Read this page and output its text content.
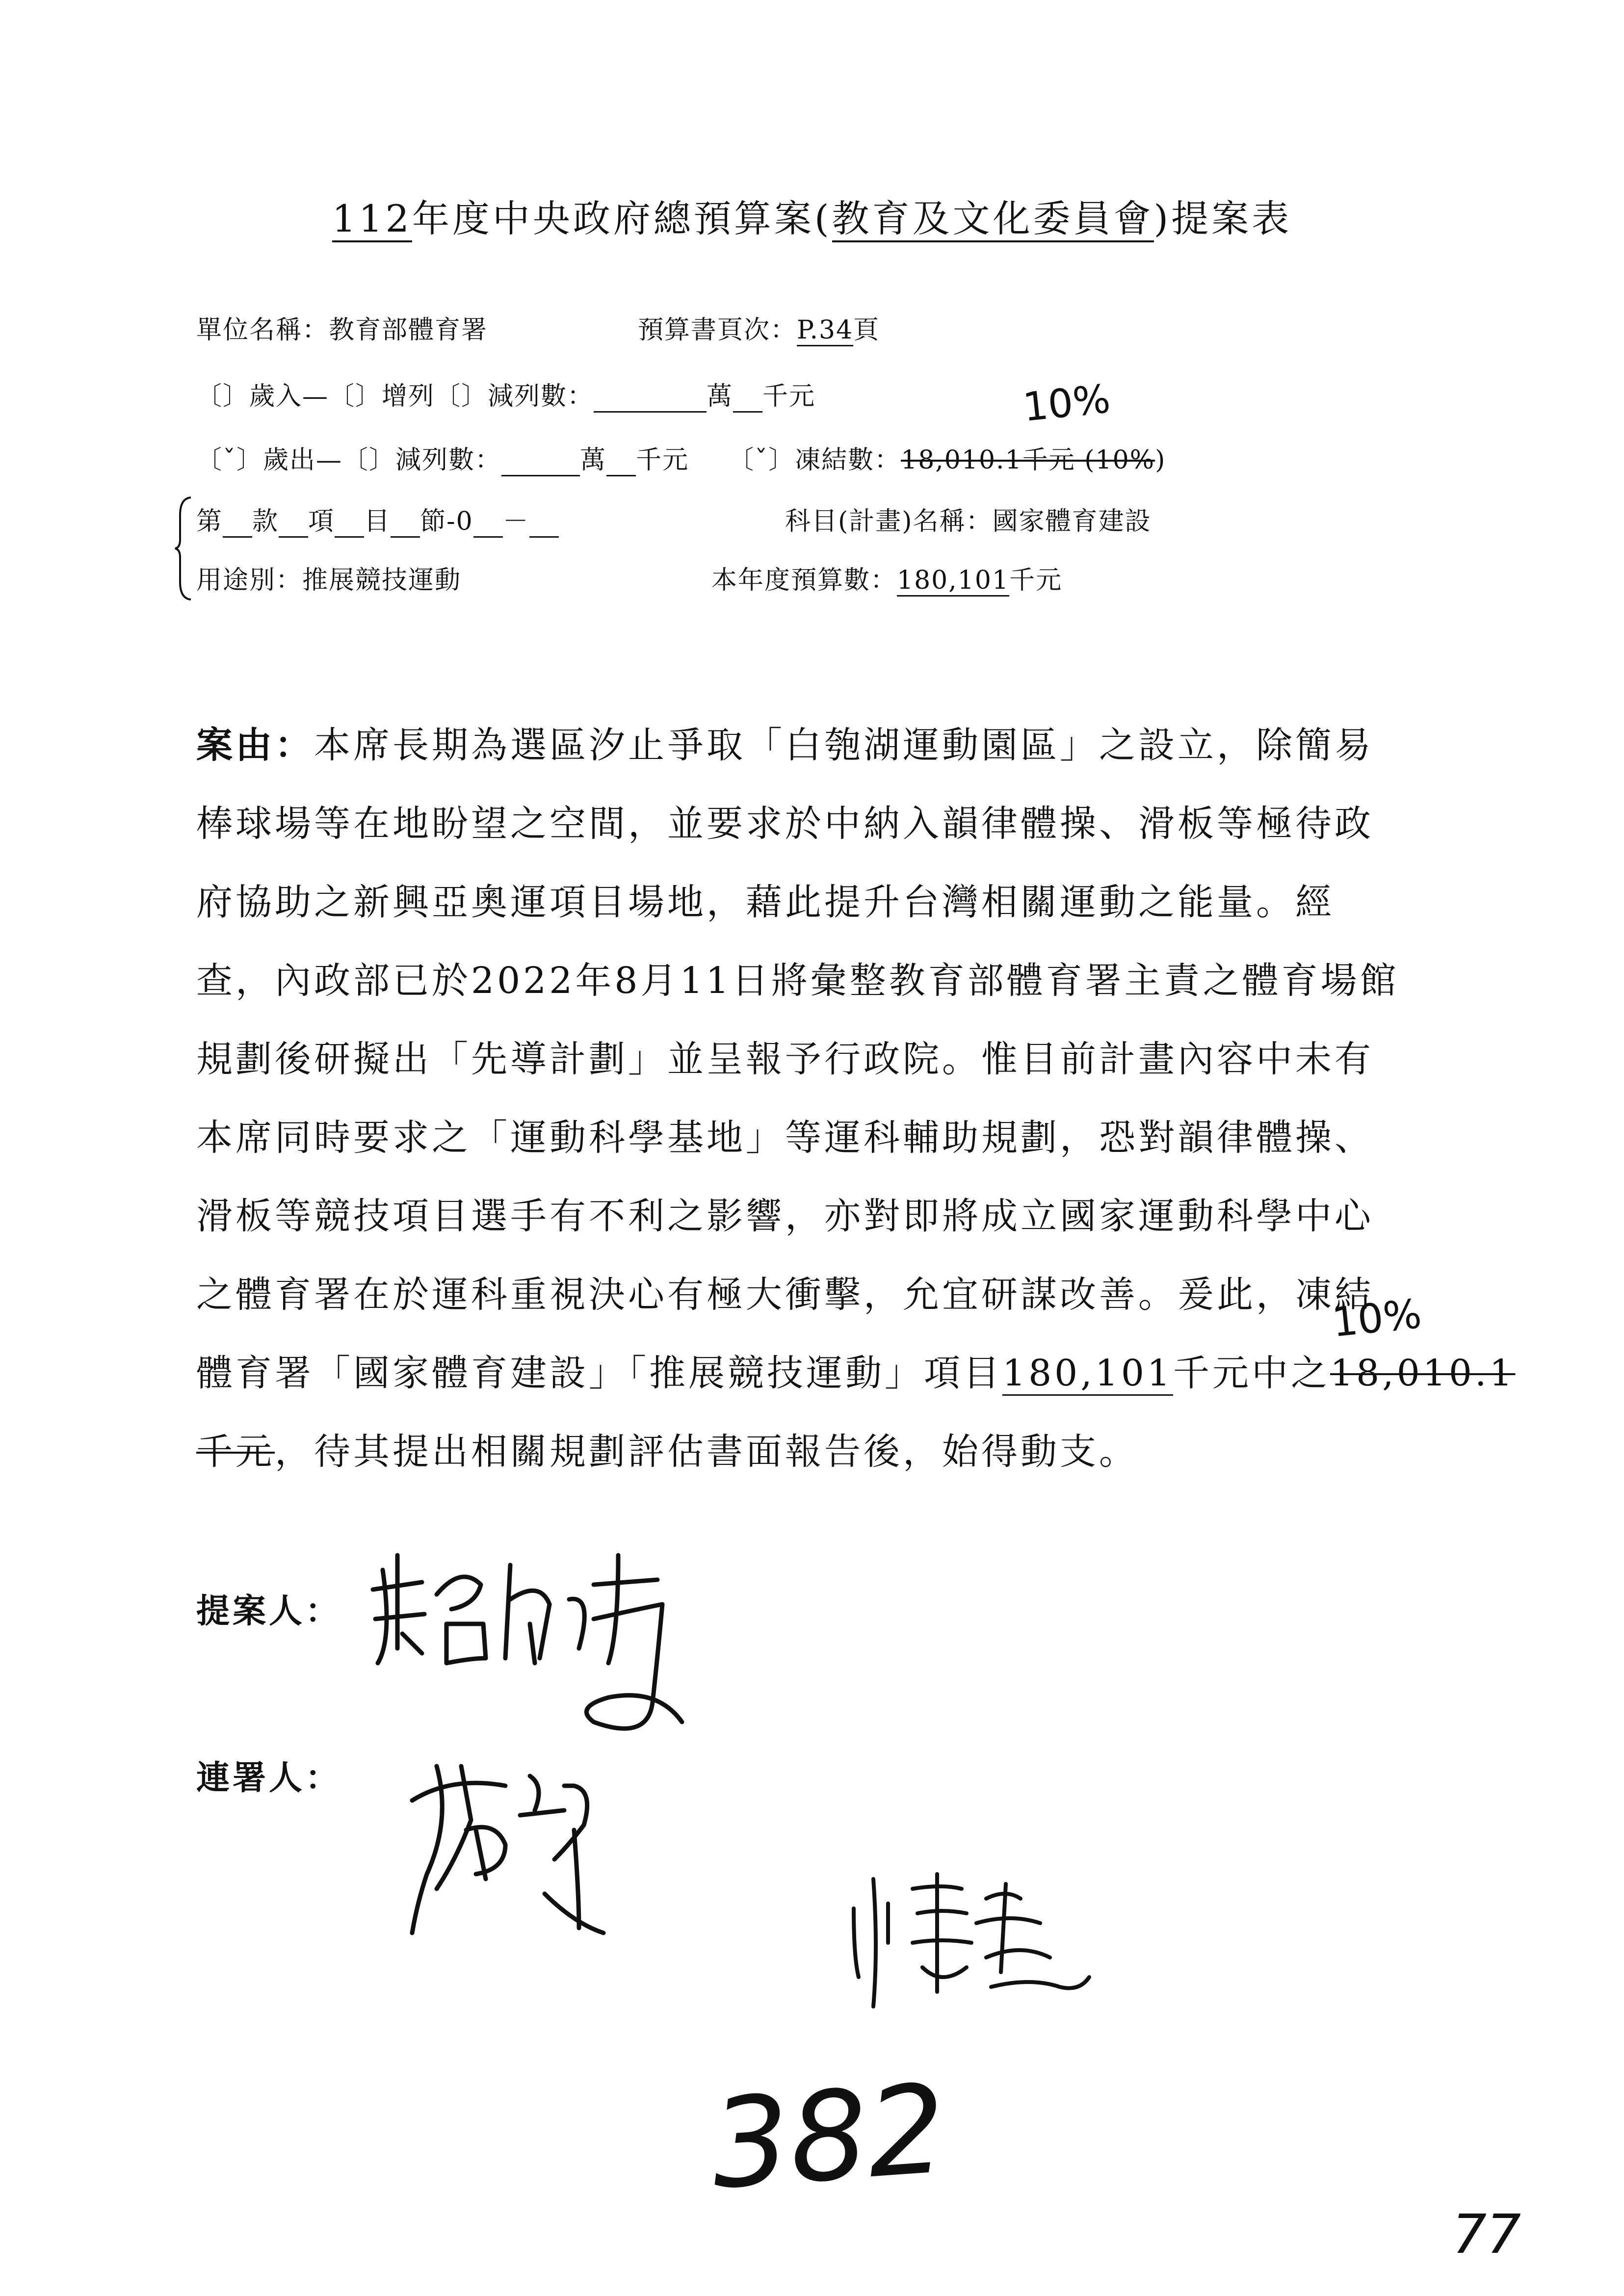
112年度中央政府總預算案(教育及文化委員會)提案表
單位名稱：教育部體育署	預算書頁次：P.34頁
〔〕歲入—〔〕增列〔〕減列數：	萬 千元	10%
〔ˇ〕歲出—〔〕減列數：	萬 千元 〔ˇ〕凍結數：18,010.1千元 (10%)
第 款 項 目 節-0 －	科目(計畫)名稱：國家體育建設
用途別：推展競技運動	本年度預算數：180,101千元
案由：本席長期為選區汐止爭取「白匏湖運動園區」之設立，除簡易
棒球場等在地盼望之空間，並要求於中納入韻律體操、滑板等極待政
府協助之新興亞奧運項目場地，藉此提升台灣相關運動之能量。經
查，內政部已於2022年8月11日將彙整教育部體育署主責之體育場館
規劃後研擬出「先導計劃」並呈報予行政院。惟目前計畫內容中未有
本席同時要求之「運動科學基地」等運科輔助規劃，恐對韻律體操、
滑板等競技項目選手有不利之影響，亦對即將成立國家運動科學中心
之體育署在於運科重視決心有極大衝擊，允宜研謀改善。爰此，凍結
10%
體育署「國家體育建設」「推展競技運動」項目180,101千元中之18,010.1
千元，待其提出相關規劃評估書面報告後，始得動支。
提案人：
連署人：
382
77
